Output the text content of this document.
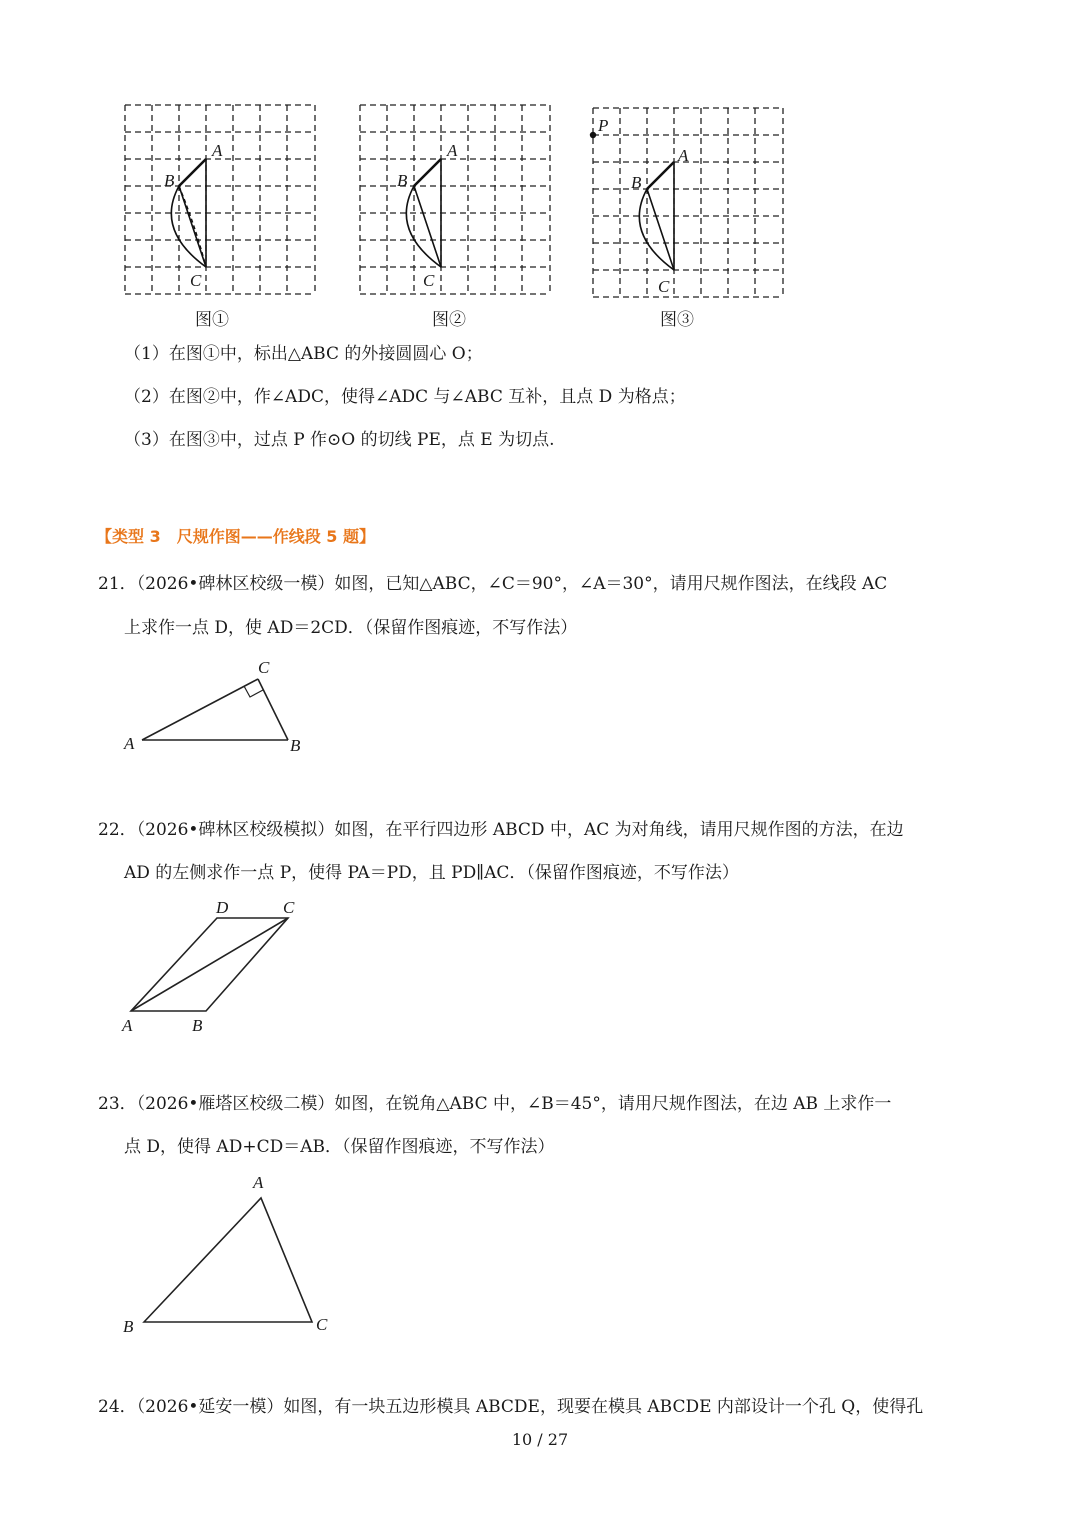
A
B
C
图①
A
B
C
图②
P
A
B
C
图③
（1）在图①中，标出△ABC 的外接圆圆心 O；
（2）在图②中，作∠ADC，使得∠ADC 与∠ABC 互补，且点 D 为格点；
（3）在图③中，过点 P 作⊙O 的切线 PE，点 E 为切点.
【类型 3　尺规作图——作线段 5 题】
21．（2026•碑林区校级一模）如图，已知△ABC，∠C＝90°，∠A＝30°，请用尺规作图法，在线段 AC
上求作一点 D，使 AD＝2CD．（保留作图痕迹，不写作法）
A	B
C
22．（2026•碑林区校级模拟）如图，在平行四边形 ABCD 中，AC 为对角线，请用尺规作图的方法，在边
AD 的左侧求作一点 P，使得 PA＝PD，且 PD∥AC．（保留作图痕迹，不写作法）
A	B
C
D
23．（2026•雁塔区校级二模）如图，在锐角△ABC 中，∠B＝45°，请用尺规作图法，在边 AB 上求作一
点 D，使得 AD+CD＝AB．（保留作图痕迹，不写作法）
A
B	C
24．（2026•延安一模）如图，有一块五边形模具 ABCDE，现要在模具 ABCDE 内部设计一个孔 Q，使得孔
10 / 27
